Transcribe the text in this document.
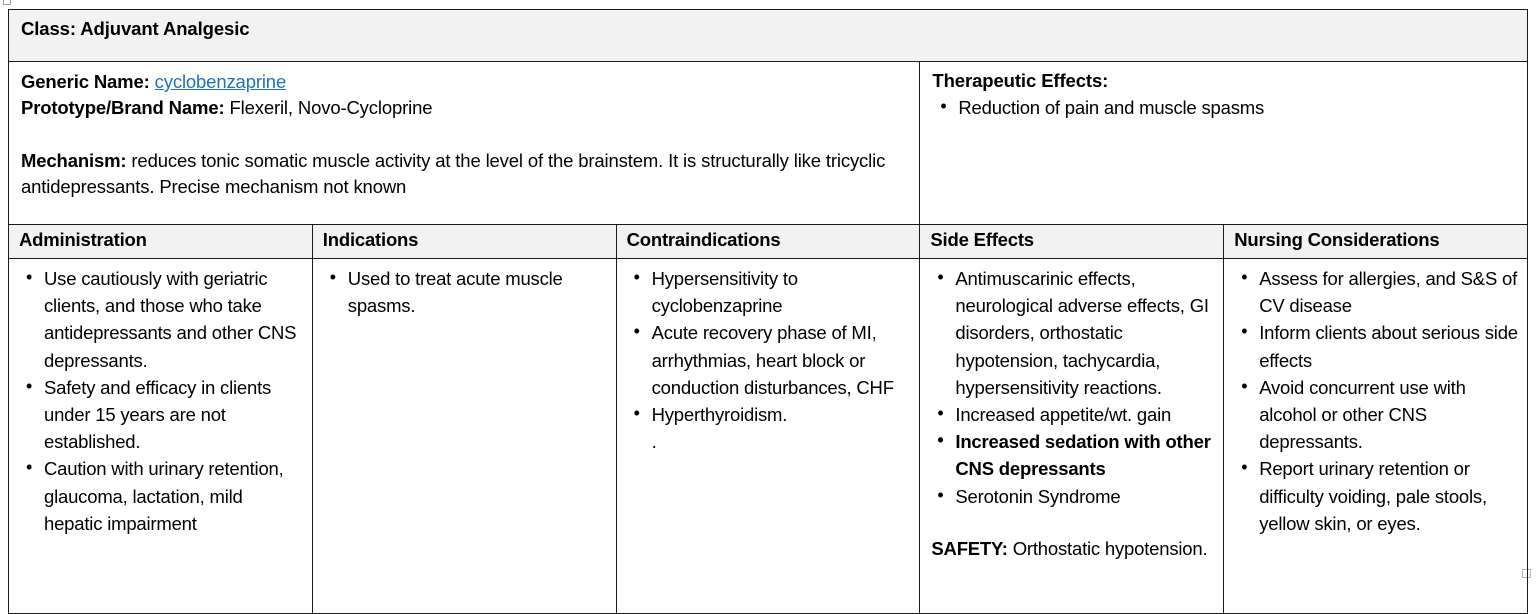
Class: Adjuvant Analgesic				

Generic Name: cyclobenzaprine
Prototype/Brand Name: Flexeril, Novo-Cycloprine
Mechanism: reduces tonic somatic muscle activity at the level of the brainstem. It is structurally like tricyclic antidepressants. Precise mechanism not known

Therapeutic Effects:
• Reduction of pain and muscle spasms

Administration	Indications	Contraindications	Side Effects	Nursing Considerations

• Use cautiously with geriatric clients, and those who take antidepressants and other CNS depressants.
• Safety and efficacy in clients under 15 years are not established.
• Caution with urinary retention, glaucoma, lactation, mild hepatic impairment

• Used to treat acute muscle spasms.

• Hypersensitivity to cyclobenzaprine
• Acute recovery phase of MI, arrhythmias, heart block or conduction disturbances, CHF
• Hyperthyroidism.
.

• Antimuscarinic effects, neurological adverse effects, GI disorders, orthostatic hypotension, tachycardia, hypersensitivity reactions.
• Increased appetite/wt. gain
• Increased sedation with other CNS depressants
• Serotonin Syndrome
SAFETY: Orthostatic hypotension.

• Assess for allergies, and S&S of CV disease
• Inform clients about serious side effects
• Avoid concurrent use with alcohol or other CNS depressants.
• Report urinary retention or difficulty voiding, pale stools, yellow skin, or eyes.
